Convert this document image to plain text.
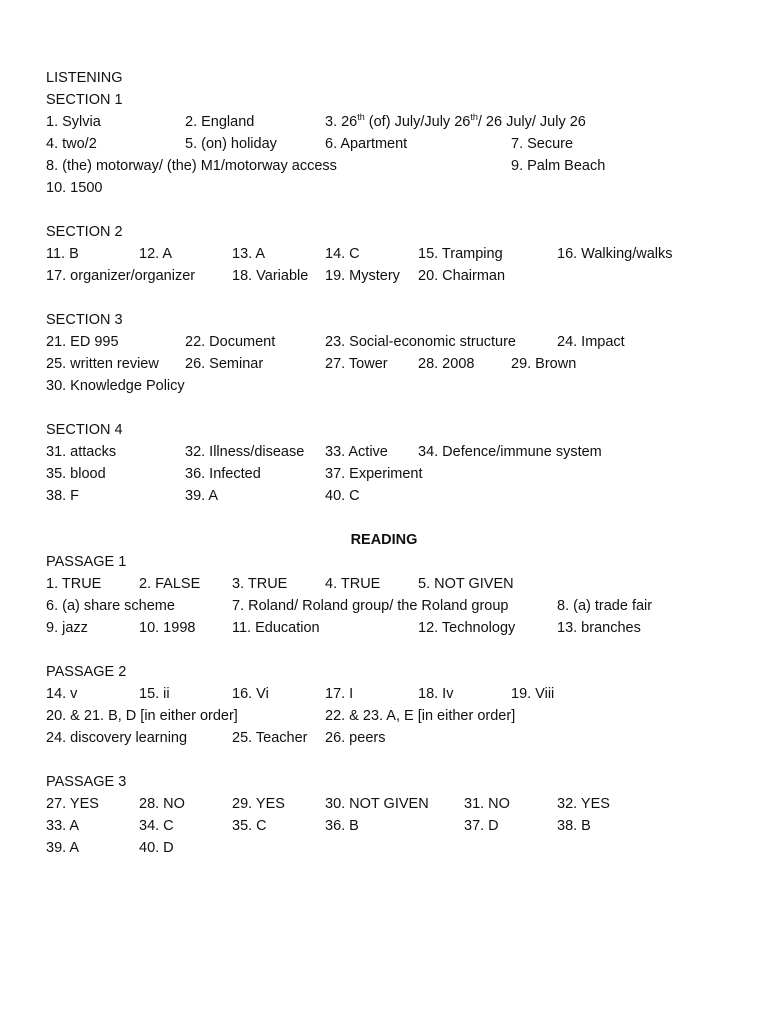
LISTENING
SECTION 1
1. Sylvia	2. England	3. 26th (of) July/July 26th/ 26 July/ July 26
4. two/2	5. (on) holiday	6. Apartment	7. Secure
8. (the) motorway/ (the) M1/motorway access	9. Palm Beach
10. 1500
SECTION 2
11. B	12. A	13. A	14. C	15. Tramping	16. Walking/walks
17. organizer/organizer	18. Variable 19. Mystery 20. Chairman
SECTION 3
21. ED 995	22. Document	23. Social-economic structure	24. Impact
25. written review 26. Seminar	27. Tower 28. 2008	29. Brown
30. Knowledge Policy
SECTION 4
31. attacks	32. Illness/disease 33. Active 34. Defence/immune system
35. blood	36. Infected	37. Experiment
38. F	39. A	40. C
READING
PASSAGE 1
1. TRUE	2. FALSE 3. TRUE	4. TRUE	5. NOT GIVEN
6. (a) share scheme	7. Roland/ Roland group/ the Roland group	8. (a) trade fair
9. jazz	10. 1998	11. Education	12. Technology	13. branches
PASSAGE 2
14. v	15. ii	16. Vi	17. I	18. Iv	19. Viii
20. & 21. B, D [in either order]	22. & 23. A, E [in either order]
24. discovery learning	25. Teacher 26. peers
PASSAGE 3
27. YES	28. NO	29. YES	30. NOT GIVEN 31. NO	32. YES
33. A	34. C	35. C	36. B	37. D	38. B
39. A	40. D
